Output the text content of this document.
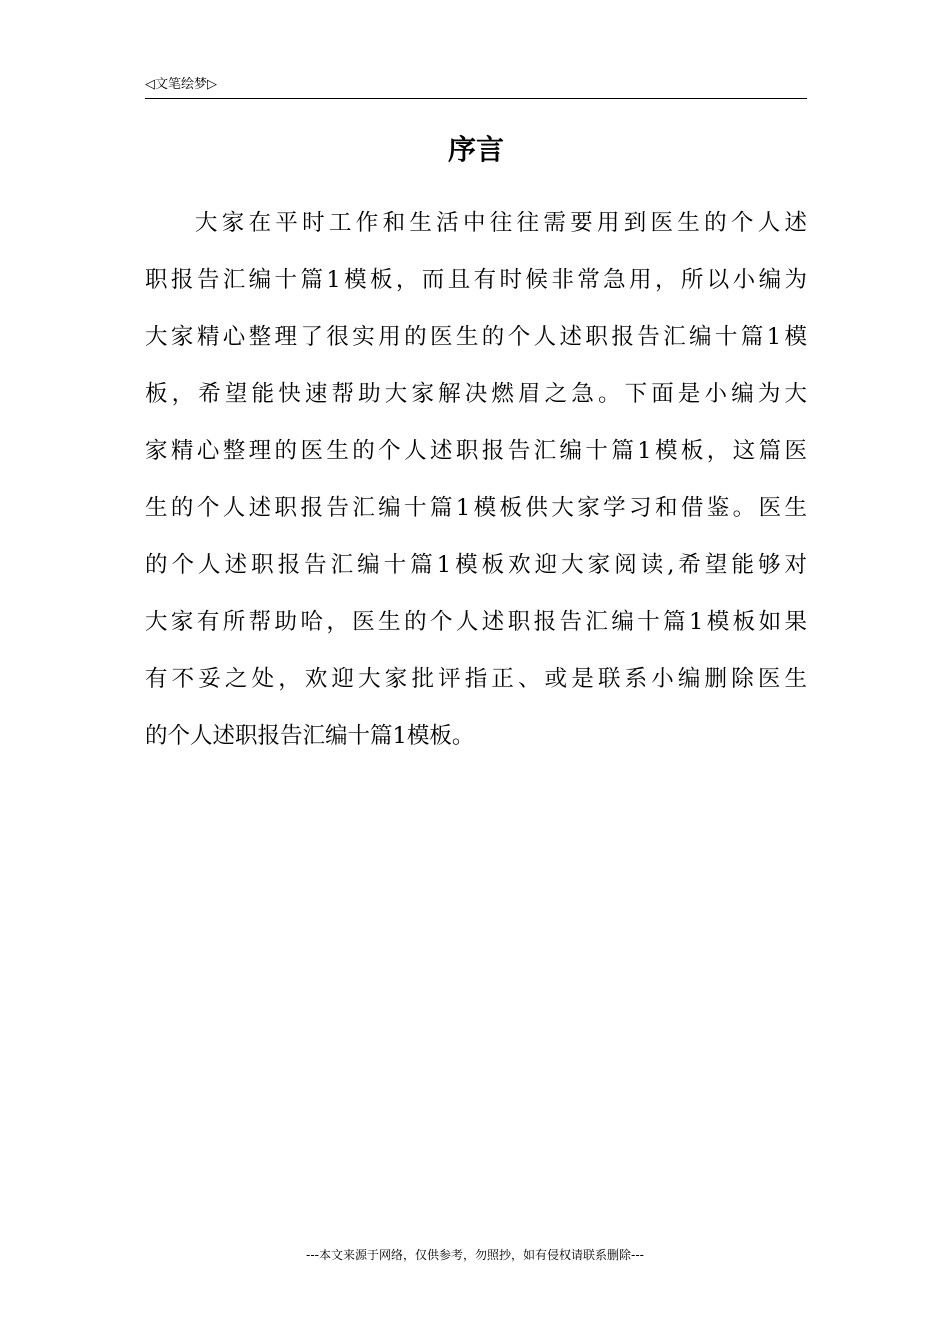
◁文笔绘梦▷
序言
大家在平时工作和生活中往往需要用到医生的个人述
职报告汇编十篇1模板，而且有时候非常急用，所以小编为
大家精心整理了很实用的医生的个人述职报告汇编十篇1模
板，希望能快速帮助大家解决燃眉之急。下面是小编为大
家精心整理的医生的个人述职报告汇编十篇1模板，这篇医
生的个人述职报告汇编十篇1模板供大家学习和借鉴。医生
的个人述职报告汇编十篇1模板欢迎大家阅读,希望能够对
大家有所帮助哈，医生的个人述职报告汇编十篇1模板如果
有不妥之处，欢迎大家批评指正、或是联系小编删除医生
的个人述职报告汇编十篇1模板。
---本文来源于网络，仅供参考，勿照抄，如有侵权请联系删除---
